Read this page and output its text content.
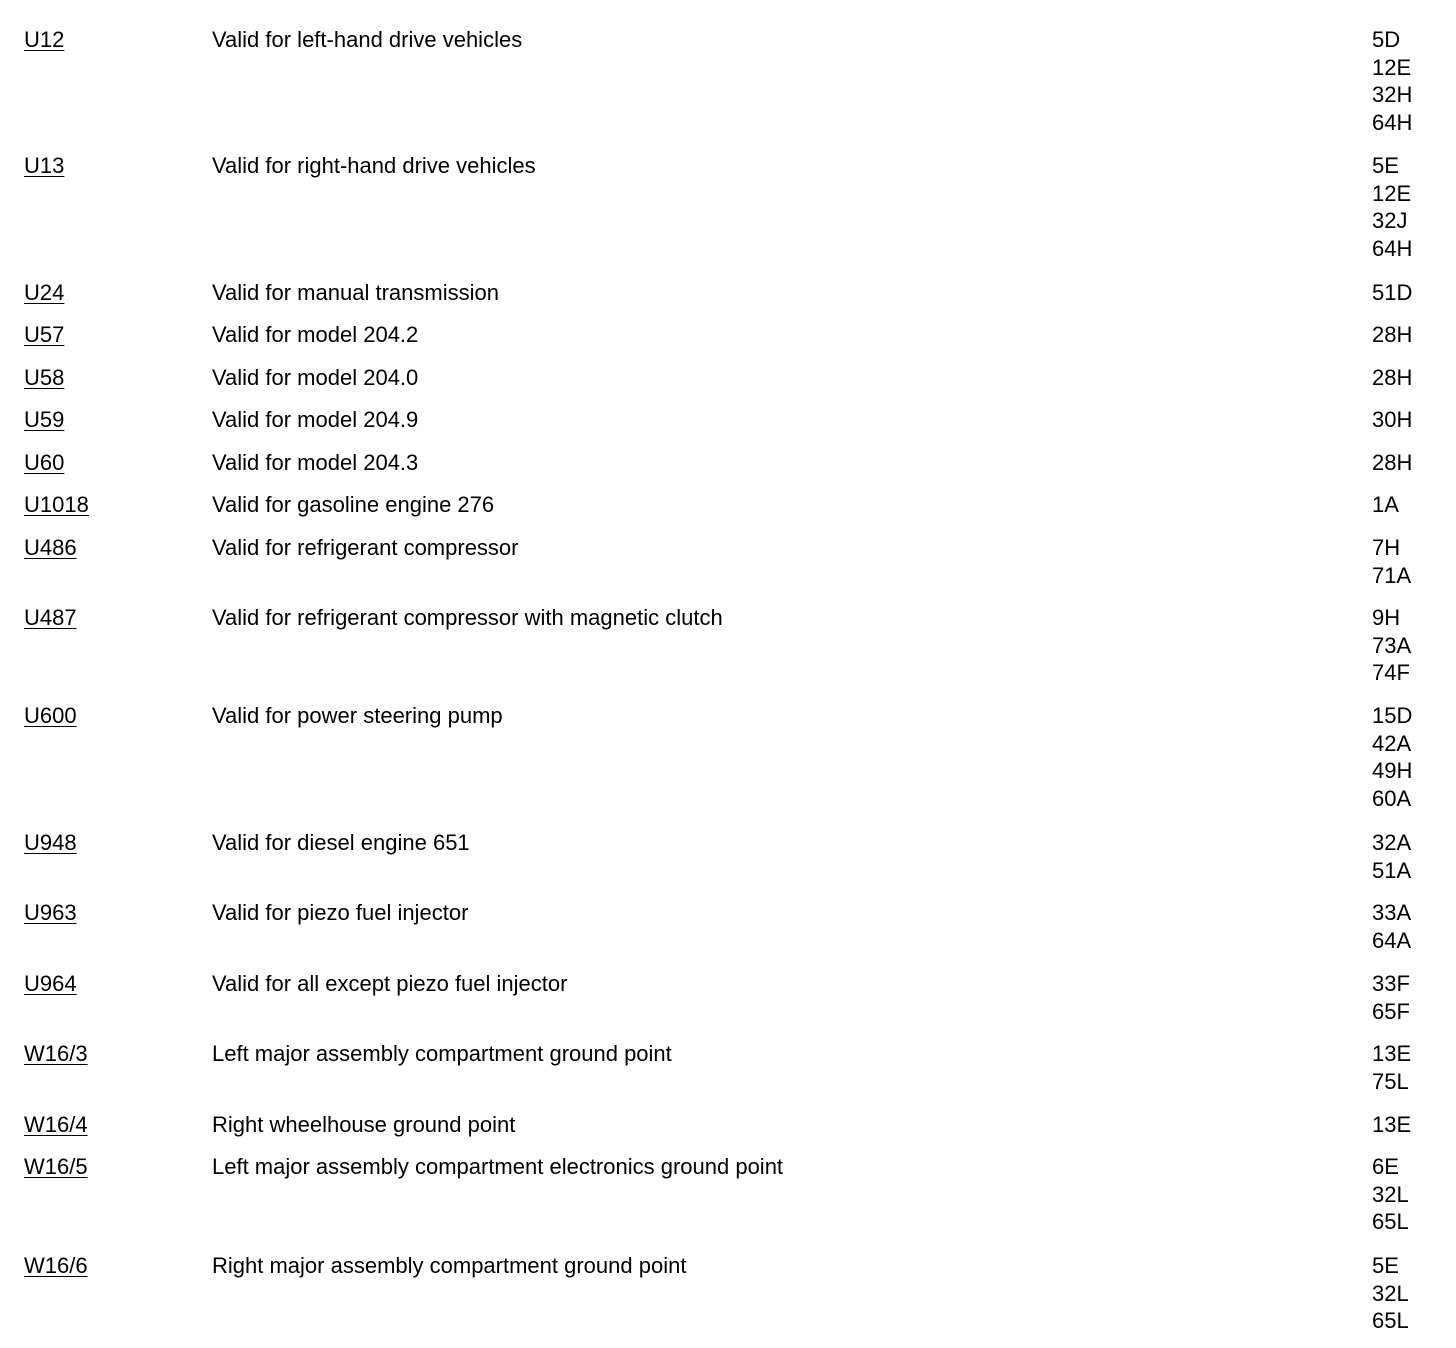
U12	Valid for left-hand drive vehicles	5D
12E
32H
64H
U13	Valid for right-hand drive vehicles	5E
12E
32J
64H
U24	Valid for manual transmission	51D
U57	Valid for model 204.2	28H
U58	Valid for model 204.0	28H
U59	Valid for model 204.9	30H
U60	Valid for model 204.3	28H
U1018	Valid for gasoline engine 276	1A
U486	Valid for refrigerant compressor	7H
71A
U487	Valid for refrigerant compressor with magnetic clutch	9H
73A
74F
U600	Valid for power steering pump	15D
42A
49H
60A
U948	Valid for diesel engine 651	32A
51A
U963	Valid for piezo fuel injector	33A
64A
U964	Valid for all except piezo fuel injector	33F
65F
W16/3	Left major assembly compartment ground point	13E
75L
W16/4	Right wheelhouse ground point	13E
W16/5	Left major assembly compartment electronics ground point	6E
32L
65L
W16/6	Right major assembly compartment ground point	5E
32L
65L
